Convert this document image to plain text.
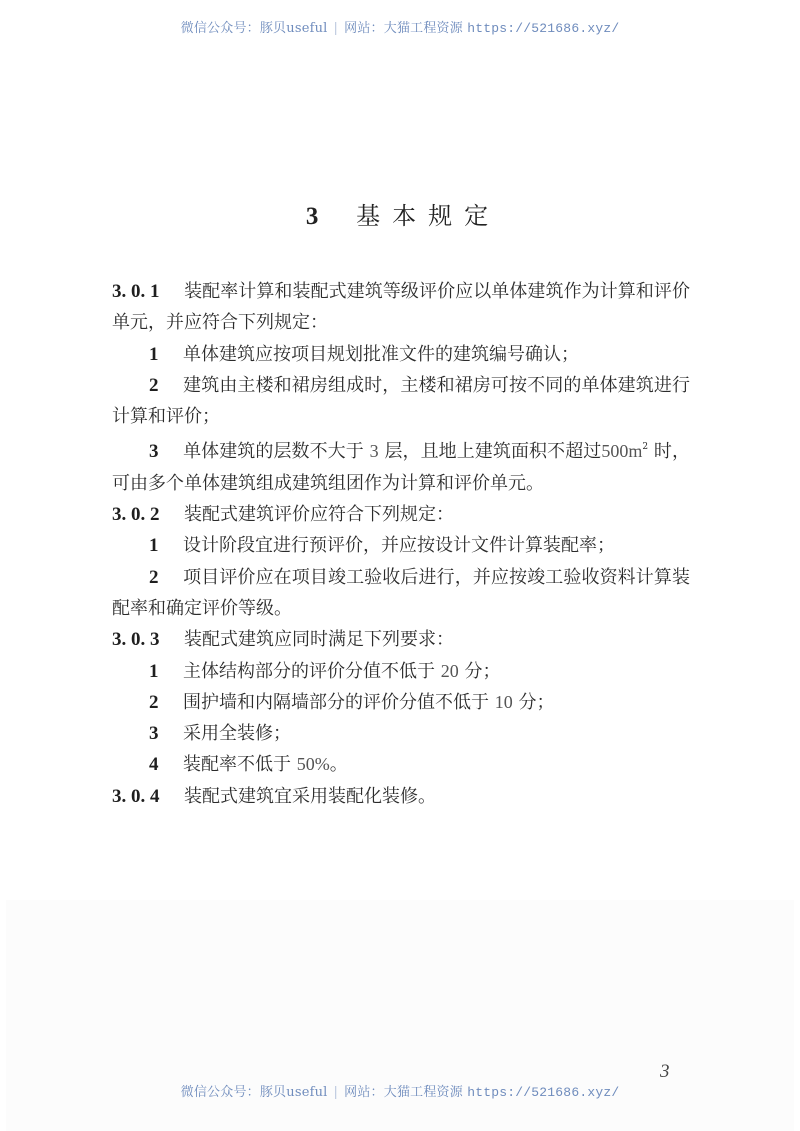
微信公众号：豚贝useful | 网站：大猫工程资源 https://521686.xyz/
3 基 本 规 定

3. 0. 1 装配率计算和装配式建筑等级评价应以单体建筑作为计算和评价单元，并应符合下列规定：

1 单体建筑应按项目规划批准文件的建筑编号确认；

2 建筑由主楼和裙房组成时，主楼和裙房可按不同的单体建筑进行计算和评价；

3 单体建筑的层数不大于 3 层，且地上建筑面积不超过$500m^2$ 时，可由多个单体建筑组成建筑组团作为计算和评价单元。

3. 0. 2 装配式建筑评价应符合下列规定：

1 设计阶段宜进行预评价，并应按设计文件计算装配率；

2 项目评价应在项目竣工验收后进行，并应按竣工验收资料计算装配率和确定评价等级。

3. 0. 3 装配式建筑应同时满足下列要求：

1 主体结构部分的评价分值不低于 20 分；

2 围护墙和内隔墙部分的评价分值不低于 10 分；

3 采用全装修；

4 装配率不低于 50%。

3. 0. 4 装配式建筑宜采用装配化装修。

3
微信公众号：豚贝useful | 网站：大猫工程资源 https://521686.xyz/
